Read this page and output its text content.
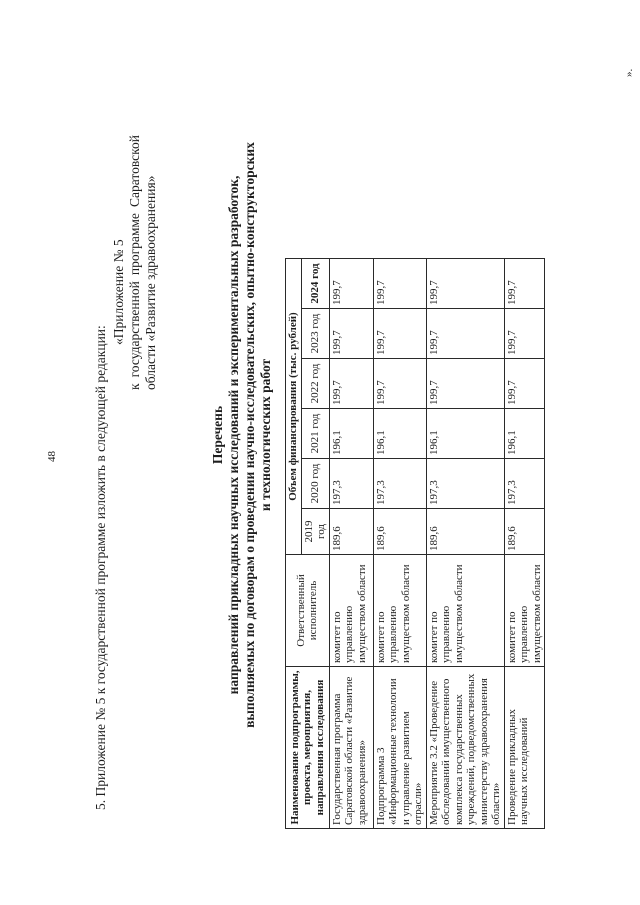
48	5. Приложение № 5 к государственной программе изложить в следующей редакции:
«Приложение № 5
к
государственной
программе
Саратовской
области «Развитие здравоохранения»
Перечень направлений прикладных научных исследований и экспериментальных разработок, выполняемых по договорам о проведении научно-исследовательских, опытно-конструкторских и технологических работ
Наименование подпрограммы, проекта, мероприятия, направления исследования	Ответственный исполнитель	Объем финансирования (тыс. рублей)					
		2019 год	2020 год	2021 год	2022 год	2023 год	2024 год
Государственная программа Саратовской области «Развитие здравоохранения»	комитет по управлению имуществом области	189,6	197,3	196,1	199,7	199,7	199,7
Подпрограмма 3 «Информационные технологии и управление развитием отрасли»	комитет по управлению имуществом области	189,6	197,3	196,1	199,7	199,7	199,7
Мероприятие 3.2 «Проведение обследований имущественного комплекса государственных учреждений, подведомственных министерству здравоохранения области»	комитет по управлению имуществом области	189,6	197,3	196,1	199,7	199,7	199,7
Проведение прикладных научных исследований	комитет по управлению имуществом области	189,6	197,3	196,1	199,7	199,7	199,7
».
